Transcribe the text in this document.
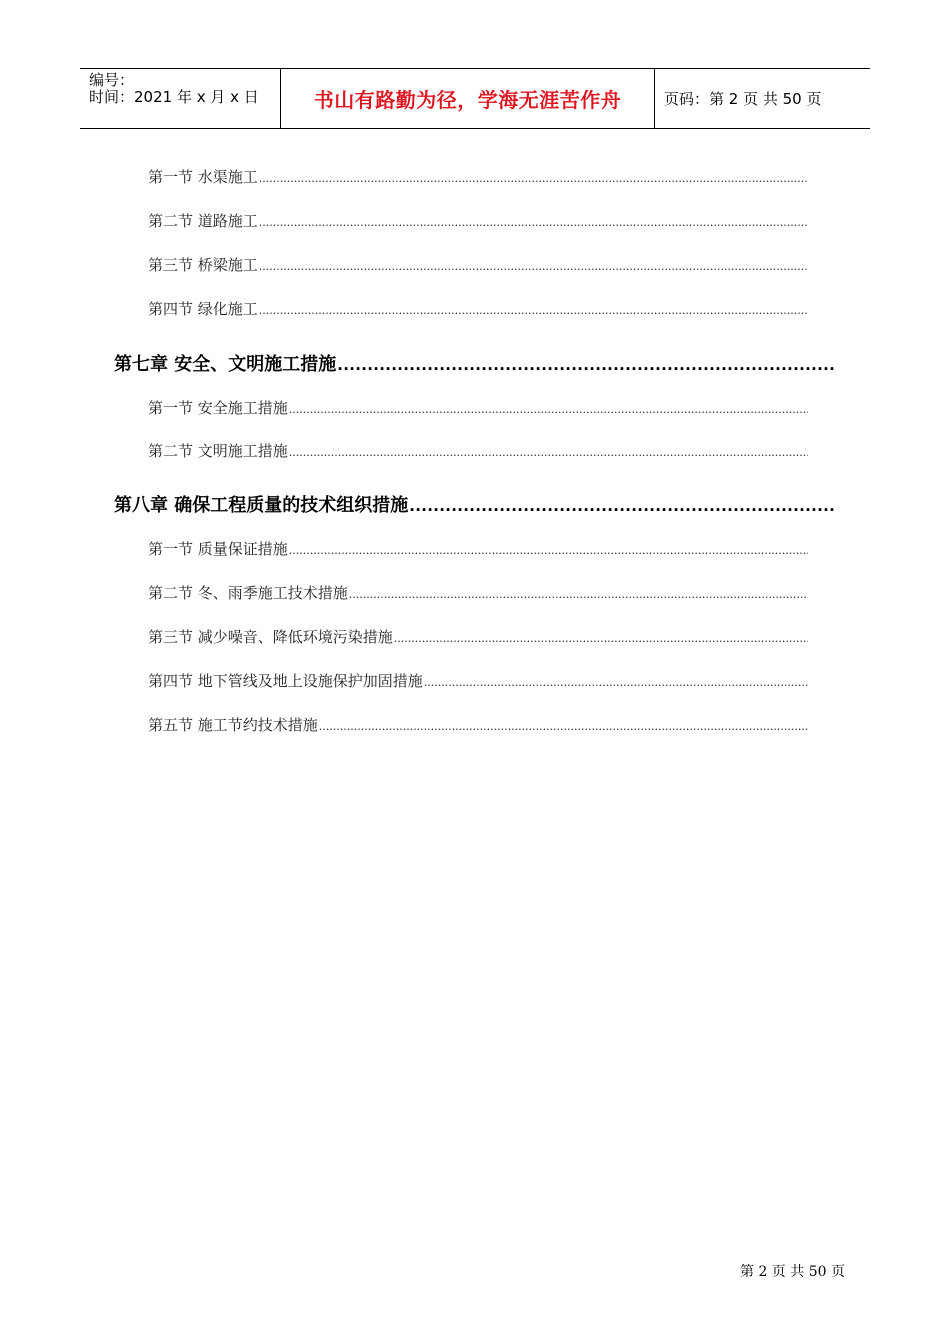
编号：
时间：2021 年 x 月 x 日	书山有路勤为径，学海无涯苦作舟	页码：第 2 页 共 50 页
第一节 水渠施工
.....
第二节 道路施工
.....
第三节 桥梁施工
.....
第四节 绿化施工
.....
第七章 安全、文明施工措施
.....
第一节 安全施工措施
.....
第二节 文明施工措施
.....
第八章 确保工程质量的技术组织措施
.....
第一节 质量保证措施
.....
第二节 冬、雨季施工技术措施
.....
第三节 减少噪音、降低环境污染措施
.....
第四节 地下管线及地上设施保护加固措施
.....
第五节 施工节约技术措施
.....
第 2 页 共 50 页
